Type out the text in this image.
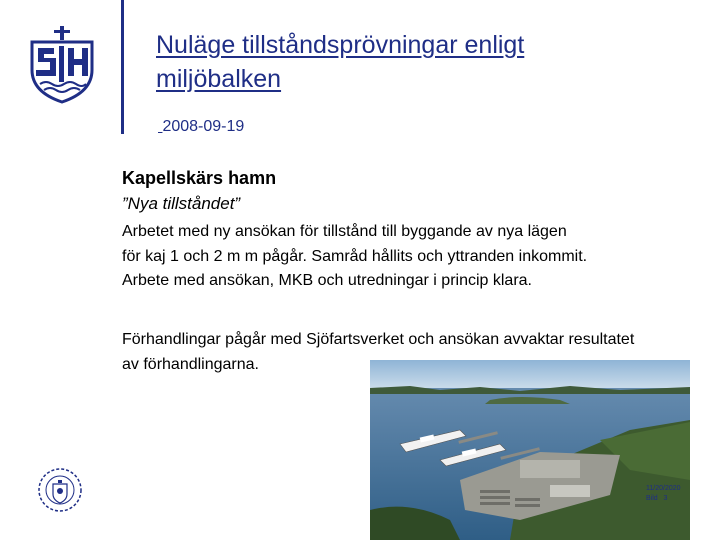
Nuläge tillståndsprövningar enligt
miljöbalken
2008-09-19
Kapellskärs hamn
”Nya tillståndet”
Arbetet med ny ansökan för tillstånd till byggande av nya lägen
för kaj 1 och 2 m m pågår. Samråd hållits och yttranden inkommit.
Arbete med ansökan, MKB och utredningar i princip klara.
Förhandlingar pågår med Sjöfartsverket och ansökan avvaktar resultatet
av förhandlingarna.
11/20/2020
Bild   3
